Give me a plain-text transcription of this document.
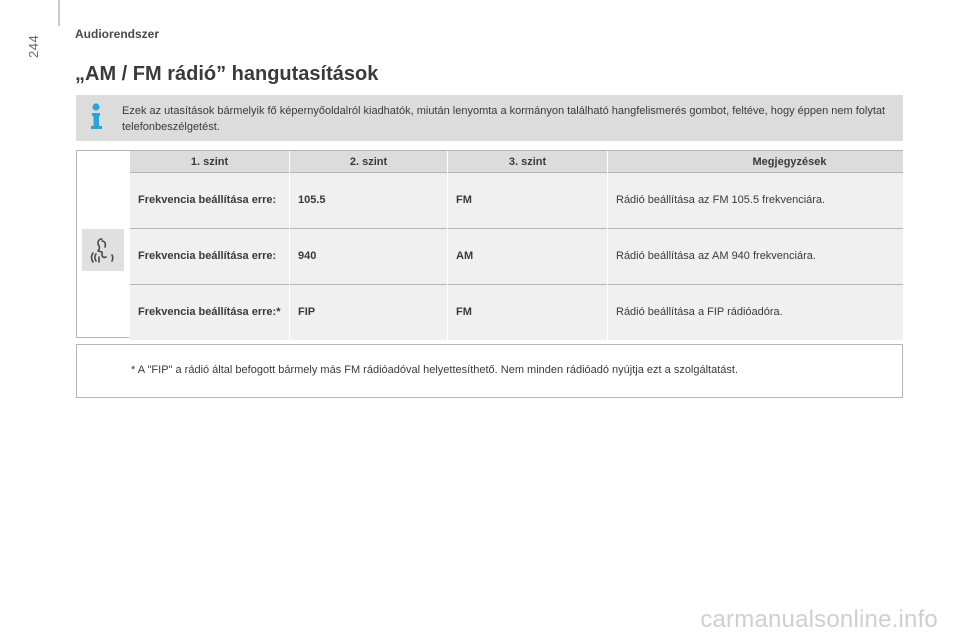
244
Audiorendszer
„AM / FM rádió” hangutasítások
Ezek az utasítások bármelyik fő képernyőoldalról kiadhatók, miután lenyomta a kormányon található hangfelismerés gombot, feltéve, hogy éppen nem folytat telefonbeszélgetést.
1. szint	2. szint	3. szint	Megjegyzések
Frekvencia beállítása erre:	105.5	FM	Rádió beállítása az FM 105.5 frekvenciára.
Frekvencia beállítása erre:	940	AM	Rádió beállítása az AM 940 frekvenciára.
Frekvencia beállítása erre:*	FIP	FM	Rádió beállítása a FIP rádióadóra.
* A "FIP" a rádió által befogott bármely más FM rádióadóval helyettesíthető. Nem minden rádióadó nyújtja ezt a szolgáltatást.
carmanualsonline.info
